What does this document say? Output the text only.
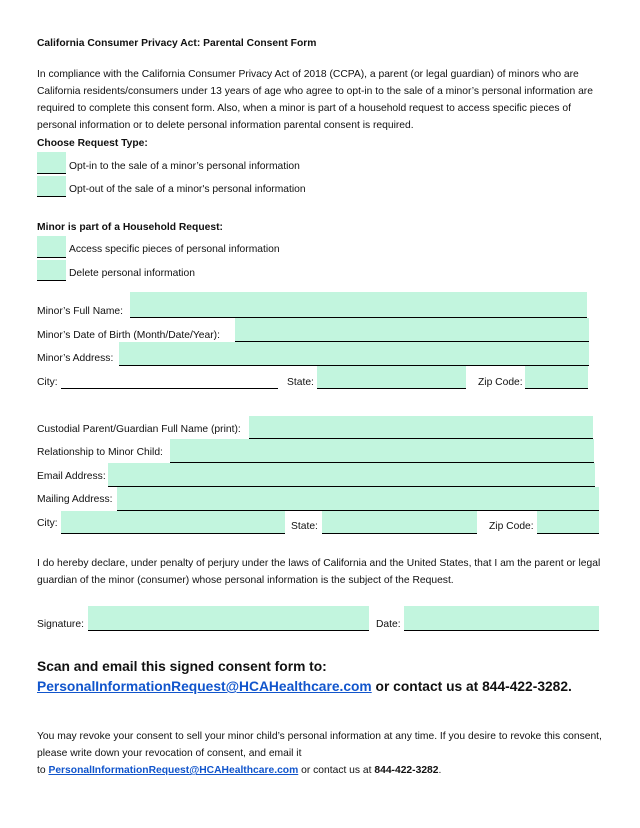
California Consumer Privacy Act: Parental Consent Form
In compliance with the California Consumer Privacy Act of 2018 (CCPA), a parent (or legal guardian) of minors who are California residents/consumers under 13 years of age who agree to opt-in to the sale of a minor’s personal information are required to complete this consent form. Also, when a minor is part of a household request to access specific pieces of personal information or to delete personal information parental consent is required.
Choose Request Type:
Opt-in to the sale of a minor’s personal information
Opt-out of the sale of a minor's personal information
Minor is part of a Household Request:
Access specific pieces of personal information
Delete personal information
Minor’s Full Name:
Minor’s Date of Birth (Month/Date/Year):
Minor’s Address:
City:	State:	Zip Code:
Custodial Parent/Guardian Full Name (print):
Relationship to Minor Child:
Email Address:
Mailing Address:
City:	State:	Zip Code:
I do hereby declare, under penalty of perjury under the laws of California and the United States, that I am the parent or legal guardian of the minor (consumer) whose personal information is the subject of the Request.
Signature:	Date:
Scan and email this signed consent form to:
PersonalInformationRequest@HCAHealthcare.com or contact us at 844-422-3282.
You may revoke your consent to sell your minor child’s personal information at any time. If you desire to revoke this consent, please write down your revocation of consent, and email it
to PersonalInformationRequest@HCAHealthcare.com or contact us at 844-422-3282.
